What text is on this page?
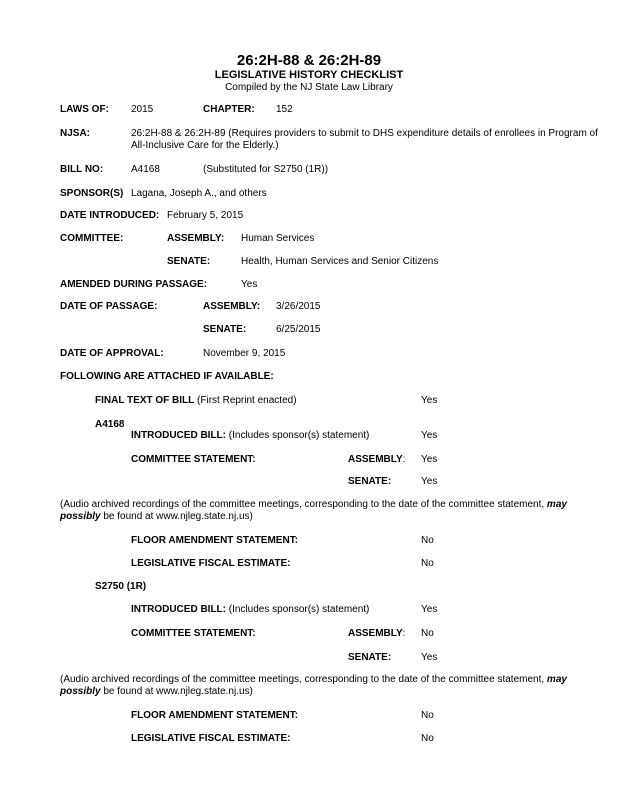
26:2H-88 & 26:2H-89
LEGISLATIVE HISTORY CHECKLIST
Compiled by the NJ State Law Library
LAWS OF: 2015	CHAPTER: 152
NJSA:	26:2H-88 & 26:2H-89 (Requires providers to submit to DHS expenditure details of enrollees in Program of All-Inclusive Care for the Elderly.)
BILL NO:	A4168	(Substituted for S2750 (1R))
SPONSOR(S) Lagana, Joseph A., and others
DATE INTRODUCED: February 5, 2015
COMMITTEE:	ASSEMBLY: Human Services
SENATE:	Health, Human Services and Senior Citizens
AMENDED DURING PASSAGE:	Yes
DATE OF PASSAGE:	ASSEMBLY: 3/26/2015
SENATE:	6/25/2015
DATE OF APPROVAL:	November 9, 2015
FOLLOWING ARE ATTACHED IF AVAILABLE:
FINAL TEXT OF BILL (First Reprint enacted)	Yes
A4168
INTRODUCED BILL: (Includes sponsor(s) statement)	Yes
COMMITTEE STATEMENT:	ASSEMBLY: Yes
SENATE:	Yes
(Audio archived recordings of the committee meetings, corresponding to the date of the committee statement, may possibly be found at www.njleg.state.nj.us)
FLOOR AMENDMENT STATEMENT:	No
LEGISLATIVE FISCAL ESTIMATE:	No
S2750 (1R)
INTRODUCED BILL: (Includes sponsor(s) statement)	Yes
COMMITTEE STATEMENT:	ASSEMBLY: No
SENATE:	Yes
(Audio archived recordings of the committee meetings, corresponding to the date of the committee statement, may possibly be found at www.njleg.state.nj.us)
FLOOR AMENDMENT STATEMENT:	No
LEGISLATIVE FISCAL ESTIMATE:	No
